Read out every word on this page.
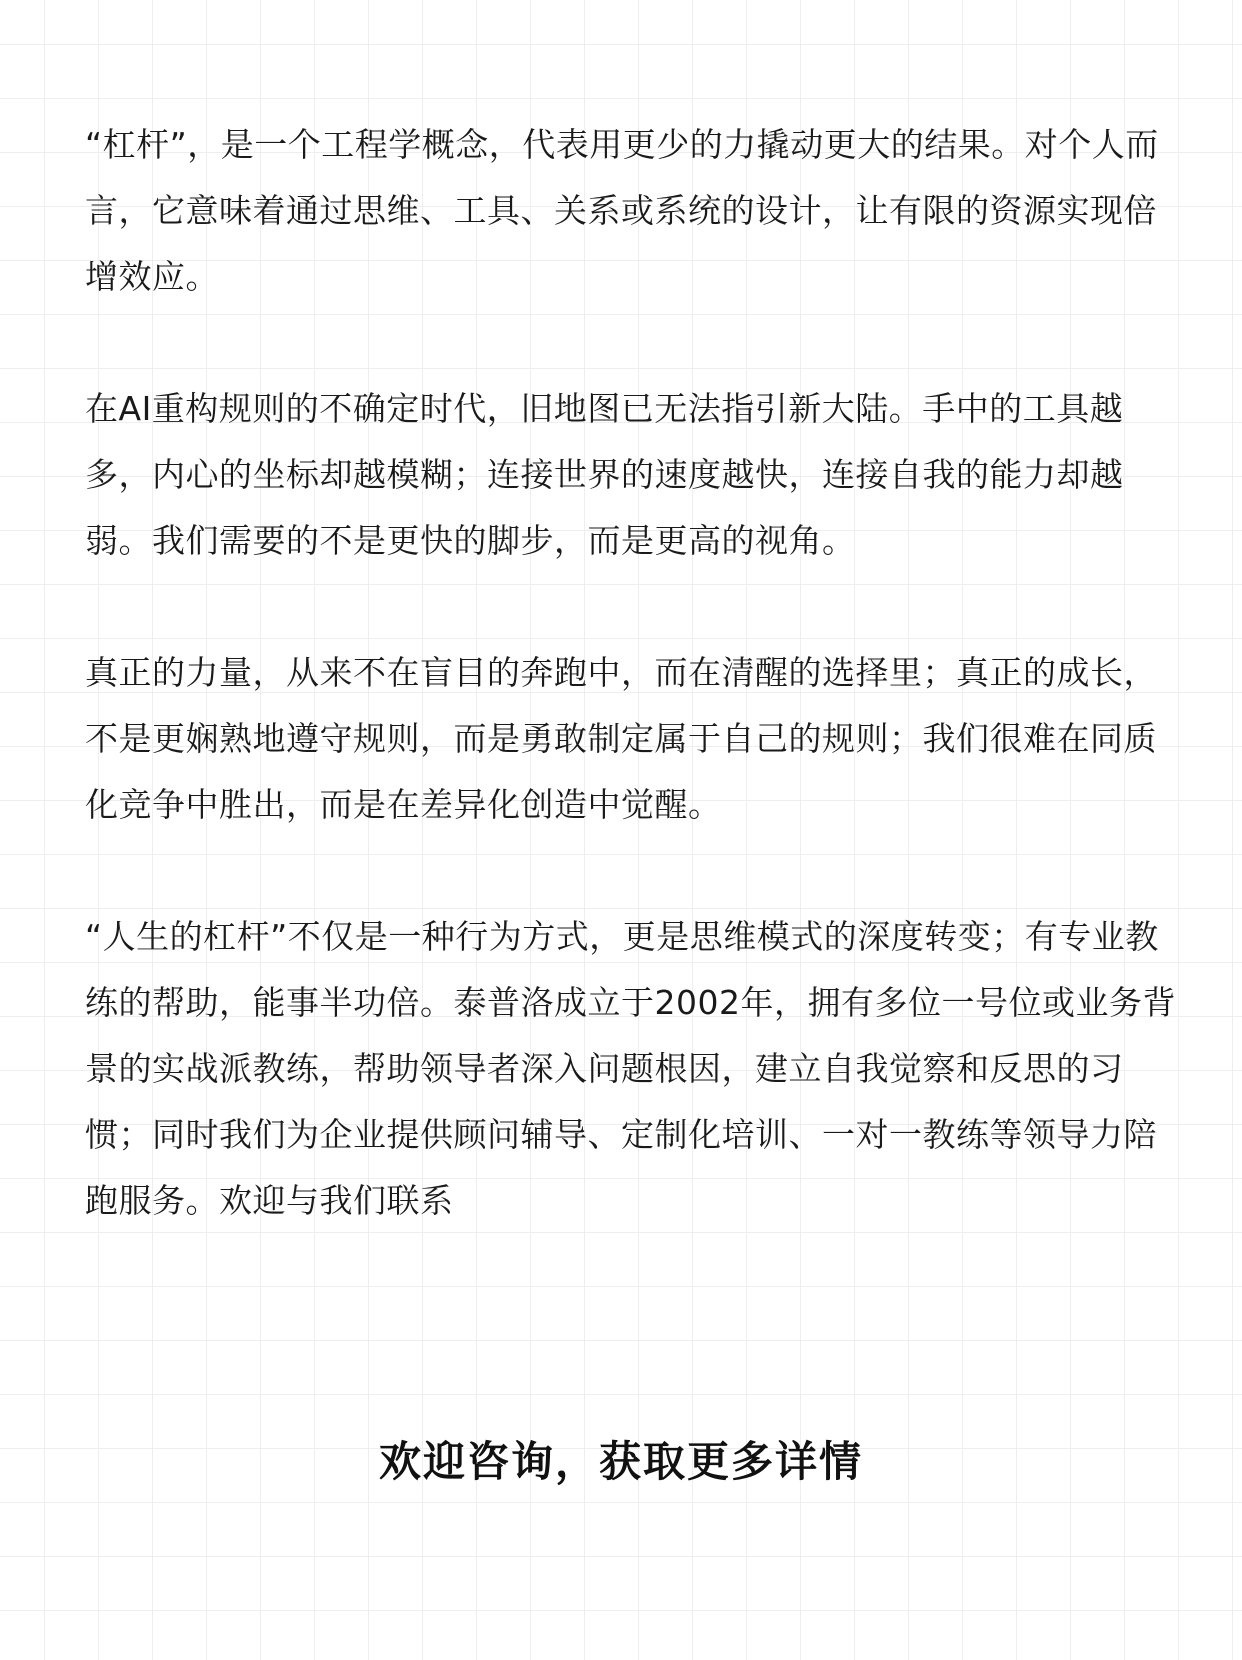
“杠杆”，是一个工程学概念，代表用更少的力撬动更大的结果。对个人而言，它意味着通过思维、工具、关系或系统的设计，让有限的资源实现倍增效应。

在AI重构规则的不确定时代，旧地图已无法指引新大陆。手中的工具越多，内心的坐标却越模糊；连接世界的速度越快，连接自我的能力却越弱。我们需要的不是更快的脚步，而是更高的视角。

真正的力量，从来不在盲目的奔跑中，而在清醒的选择里；真正的成长，不是更娴熟地遵守规则，而是勇敢制定属于自己的规则；我们很难在同质化竞争中胜出，而是在差异化创造中觉醒。

“人生的杠杆”不仅是一种行为方式，更是思维模式的深度转变；有专业教练的帮助，能事半功倍。泰普洛成立于2002年，拥有多位一号位或业务背景的实战派教练，帮助领导者深入问题根因，建立自我觉察和反思的习惯；同时我们为企业提供顾问辅导、定制化培训、一对一教练等领导力陪跑服务。欢迎与我们联系

欢迎咨询，获取更多详情
